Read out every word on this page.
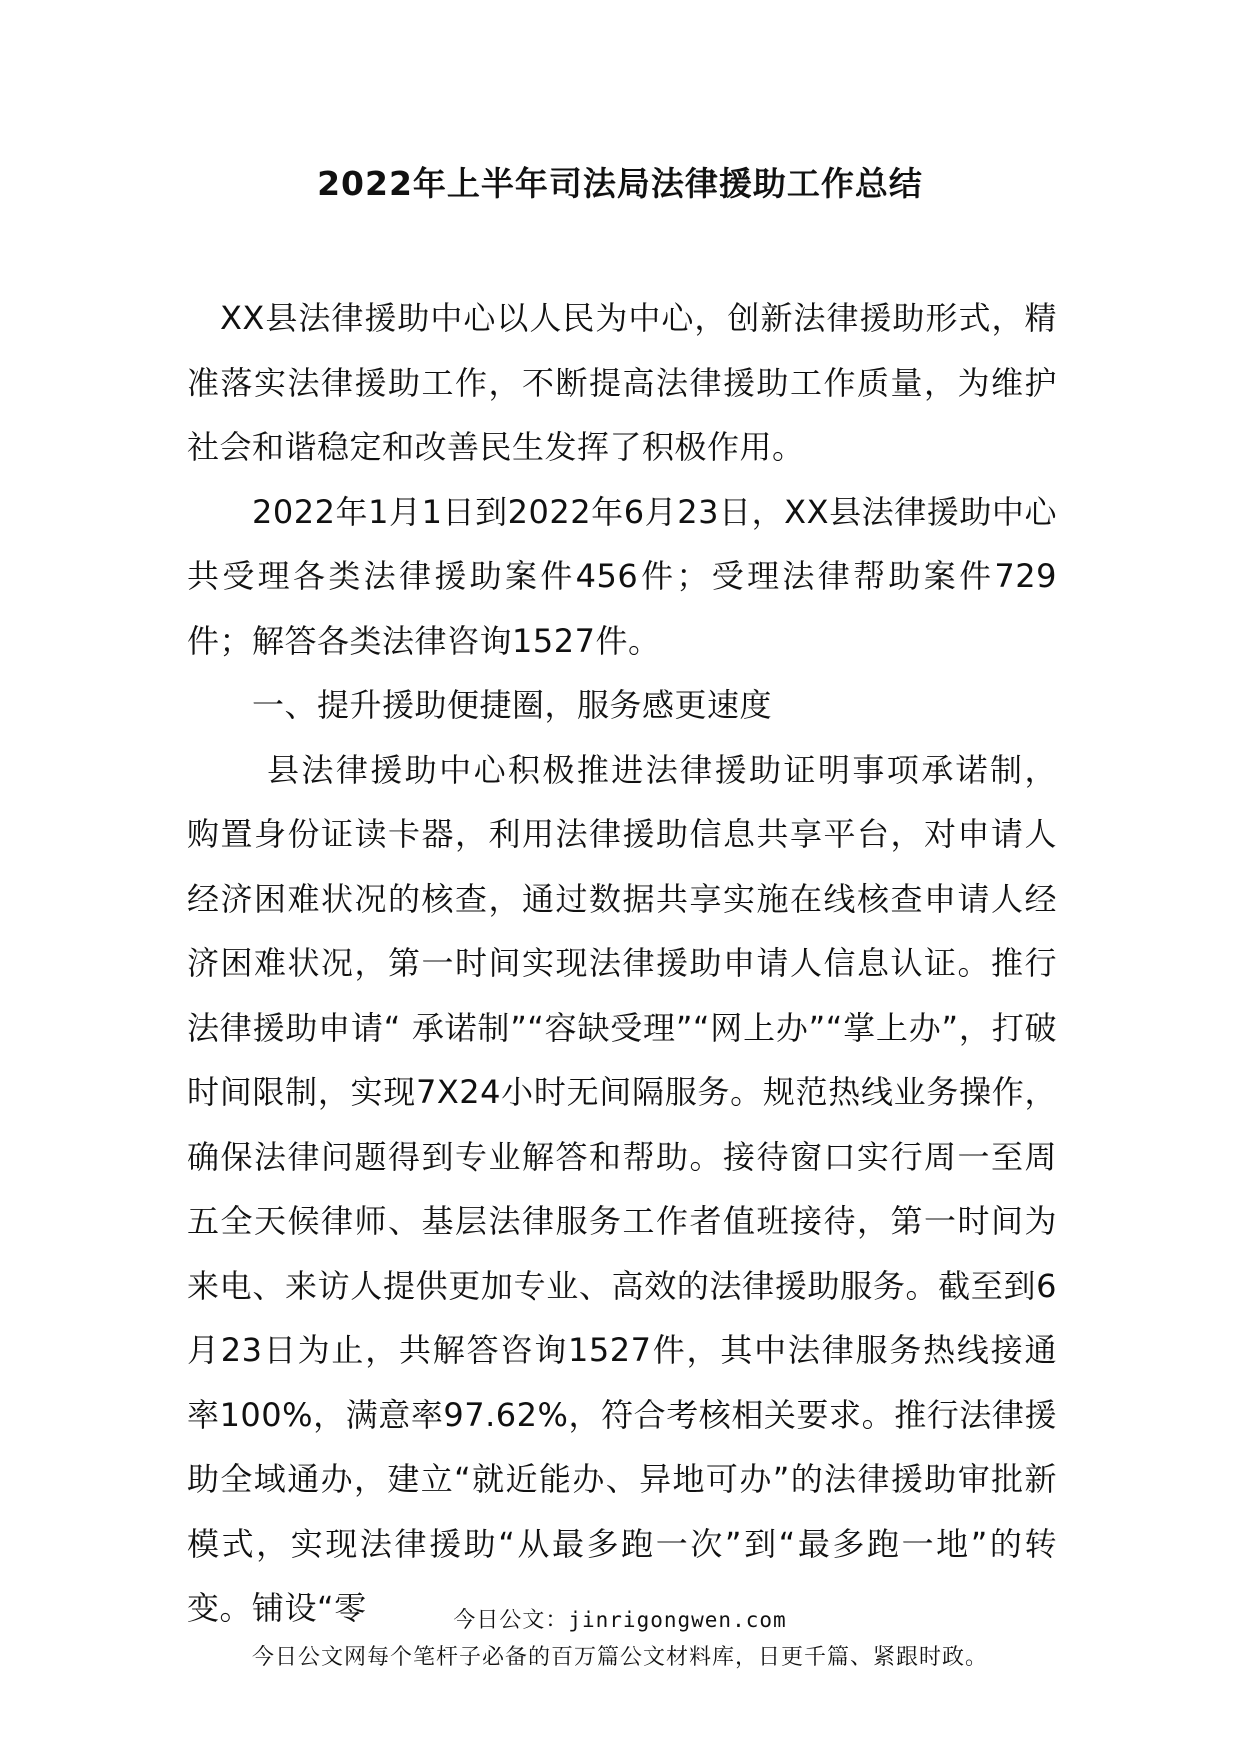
2022年上半年司法局法律援助工作总结

XX县法律援助中心以人民为中心，创新法律援助形式，精准落实法律援助工作，不断提高法律援助工作质量，为维护社会和谐稳定和改善民生发挥了积极作用。

2022年1月1日到2022年6月23日，XX县法律援助中心共受理各类法律援助案件456件；受理法律帮助案件729件；解答各类法律咨询1527件。

一、提升援助便捷圈，服务感更速度

县法律援助中心积极推进法律援助证明事项承诺制， 购置身份证读卡器，利用法律援助信息共享平台，对申请人经济困难状况的核查，通过数据共享实施在线核查申请人经济困难状况，第一时间实现法律援助申请人信息认证。推行法律援助申请“ 承诺制”“容缺受理”“网上办”“掌上办”，打破时间限制，实现7X24小时无间隔服务。规范热线业务操作，确保法律问题得到专业解答和帮助。接待窗口实行周一至周五全天候律师、基层法律服务工作者值班接待，第一时间为来电、来访人提供更加专业、高效的法律援助服务。截至到6月23日为止，共解答咨询1527件，其中法律服务热线接通率100%，满意率97.62%，符合考核相关要求。推行法律援助全域通办，建立“就近能办、异地可办”的法律援助审批新模式，实现法律援助“从最多跑一次”到“最多跑一地”的转变。铺设“零	今日公文：jinrigongwen.com

今日公文网每个笔杆子必备的百万篇公文材料库，日更千篇、紧跟时政。
